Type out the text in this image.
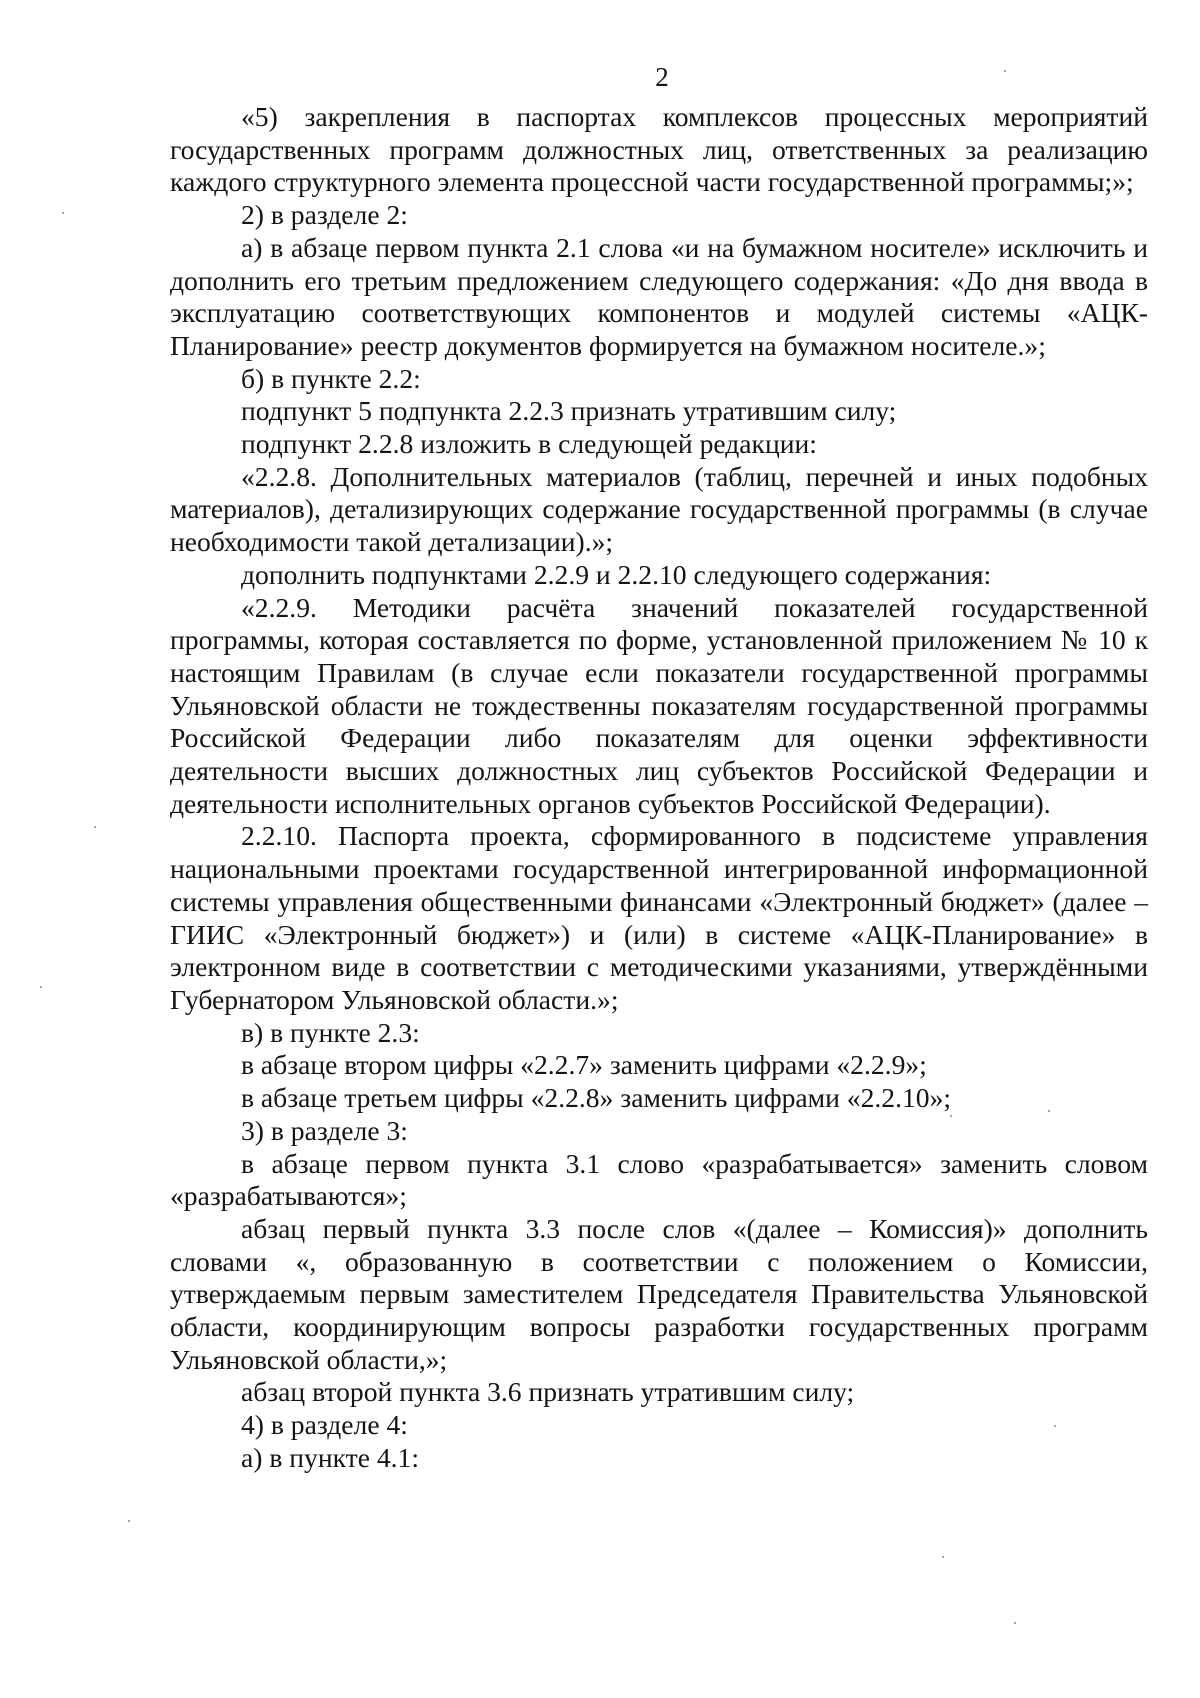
2

«5) закрепления в паспортах комплексов процессных мероприятий государственных программ должностных лиц, ответственных за реализацию каждого структурного элемента процессной части государственной программы;»;

2) в разделе 2:

а) в абзаце первом пункта 2.1 слова «и на бумажном носителе» исключить и дополнить его третьим предложением следующего содержания: «До дня ввода в эксплуатацию соответствующих компонентов и модулей системы «АЦК-Планирование» реестр документов формируется на бумажном носителе.»;

б) в пункте 2.2:

подпункт 5 подпункта 2.2.3 признать утратившим силу;

подпункт 2.2.8 изложить в следующей редакции:

«2.2.8. Дополнительных материалов (таблиц, перечней и иных подобных материалов), детализирующих содержание государственной программы (в случае необходимости такой детализации).»;

дополнить подпунктами 2.2.9 и 2.2.10 следующего содержания:

«2.2.9. Методики расчёта значений показателей государственной программы, которая составляется по форме, установленной приложением № 10 к настоящим Правилам (в случае если показатели государственной программы Ульяновской области не тождественны показателям государственной программы Российской Федерации либо показателям для оценки эффективности деятельности высших должностных лиц субъектов Российской Федерации и деятельности исполнительных органов субъектов Российской Федерации).

2.2.10. Паспорта проекта, сформированного в подсистеме управления национальными проектами государственной интегрированной информационной системы управления общественными финансами «Электронный бюджет» (далее – ГИИС «Электронный бюджет») и (или) в системе «АЦК-Планирование» в электронном виде в соответствии с методическими указаниями, утверждёнными Губернатором Ульяновской области.»;

в) в пункте 2.3:

в абзаце втором цифры «2.2.7» заменить цифрами «2.2.9»;

в абзаце третьем цифры «2.2.8» заменить цифрами «2.2.10»;

3) в разделе 3:

в абзаце первом пункта 3.1 слово «разрабатывается» заменить словом «разрабатываются»;

абзац первый пункта 3.3 после слов «(далее – Комиссия)» дополнить словами «, образованную в соответствии с положением о Комиссии, утверждаемым первым заместителем Председателя Правительства Ульяновской области, координирующим вопросы разработки государственных программ Ульяновской области,»;

абзац второй пункта 3.6 признать утратившим силу;

4) в разделе 4:

а) в пункте 4.1:
